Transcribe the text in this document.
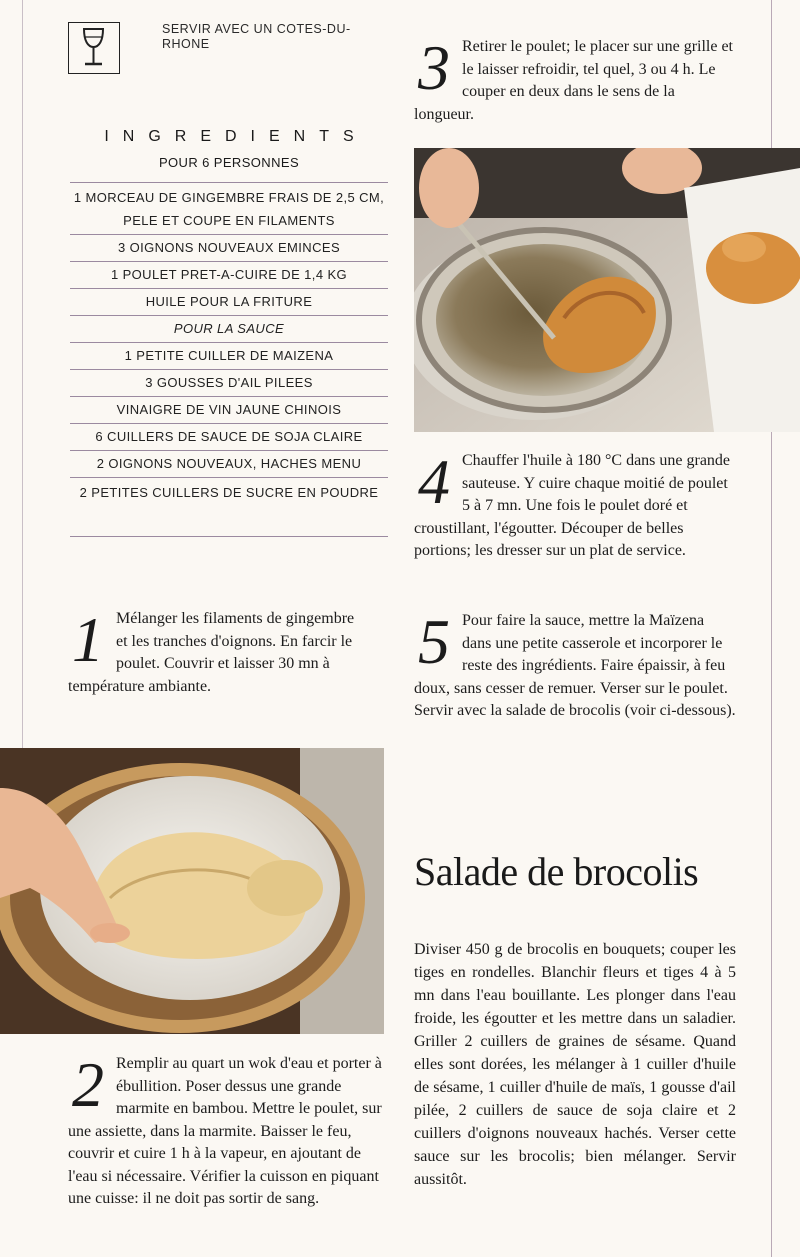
SERVIR AVEC UN COTES-DU-RHONE
INGREDIENTS
POUR 6 PERSONNES
1 MORCEAU DE GINGEMBRE FRAIS DE 2,5 CM, PELE ET COUPE EN FILAMENTS
3 OIGNONS NOUVEAUX EMINCES
1 POULET PRET-A-CUIRE DE 1,4 KG
HUILE POUR LA FRITURE
POUR LA SAUCE
1 PETITE CUILLER DE MAIZENA
3 GOUSSES D'AIL PILEES
VINAIGRE DE VIN JAUNE CHINOIS
6 CUILLERS DE SAUCE DE SOJA CLAIRE
2 OIGNONS NOUVEAUX, HACHES MENU
2 PETITES CUILLERS DE SUCRE EN POUDRE
3 Retirer le poulet; le placer sur une grille et le laisser refroidir, tel quel, 3 ou 4 h. Le couper en deux dans le sens de la longueur.

4 Chauffer l'huile à 180 °C dans une grande sauteuse. Y cuire chaque moitié de poulet 5 à 7 mn. Une fois le poulet doré et croustillant, l'égoutter. Découper de belles portions; les dresser sur un plat de service.

5 Pour faire la sauce, mettre la Maïzena dans une petite casserole et incorporer le reste des ingrédients. Faire épaissir, à feu doux, sans cesser de remuer. Verser sur le poulet. Servir avec la salade de brocolis (voir ci-dessous).

1 Mélanger les filaments de gingembre et les tranches d'oignons. En farcir le poulet. Couvrir et laisser 30 mn à température ambiante.

2 Remplir au quart un wok d'eau et porter à ébullition. Poser dessus une grande marmite en bambou. Mettre le poulet, sur une assiette, dans la marmite. Baisser le feu, couvrir et cuire 1 h à la vapeur, en ajoutant de l'eau si nécessaire. Vérifier la cuisson en piquant une cuisse: il ne doit pas sortir de sang.

Salade de brocolis

Diviser 450 g de brocolis en bouquets; couper les tiges en rondelles. Blanchir fleurs et tiges 4 à 5 mn dans l'eau bouillante. Les plonger dans l'eau froide, les égoutter et les mettre dans un saladier. Griller 2 cuillers de graines de sésame. Quand elles sont dorées, les mélanger à 1 cuiller d'huile de sésame, 1 cuiller d'huile de maïs, 1 gousse d'ail pilée, 2 cuillers de sauce de soja claire et 2 cuillers d'oignons nouveaux hachés. Verser cette sauce sur les brocolis; bien mélanger. Servir aussitôt.
